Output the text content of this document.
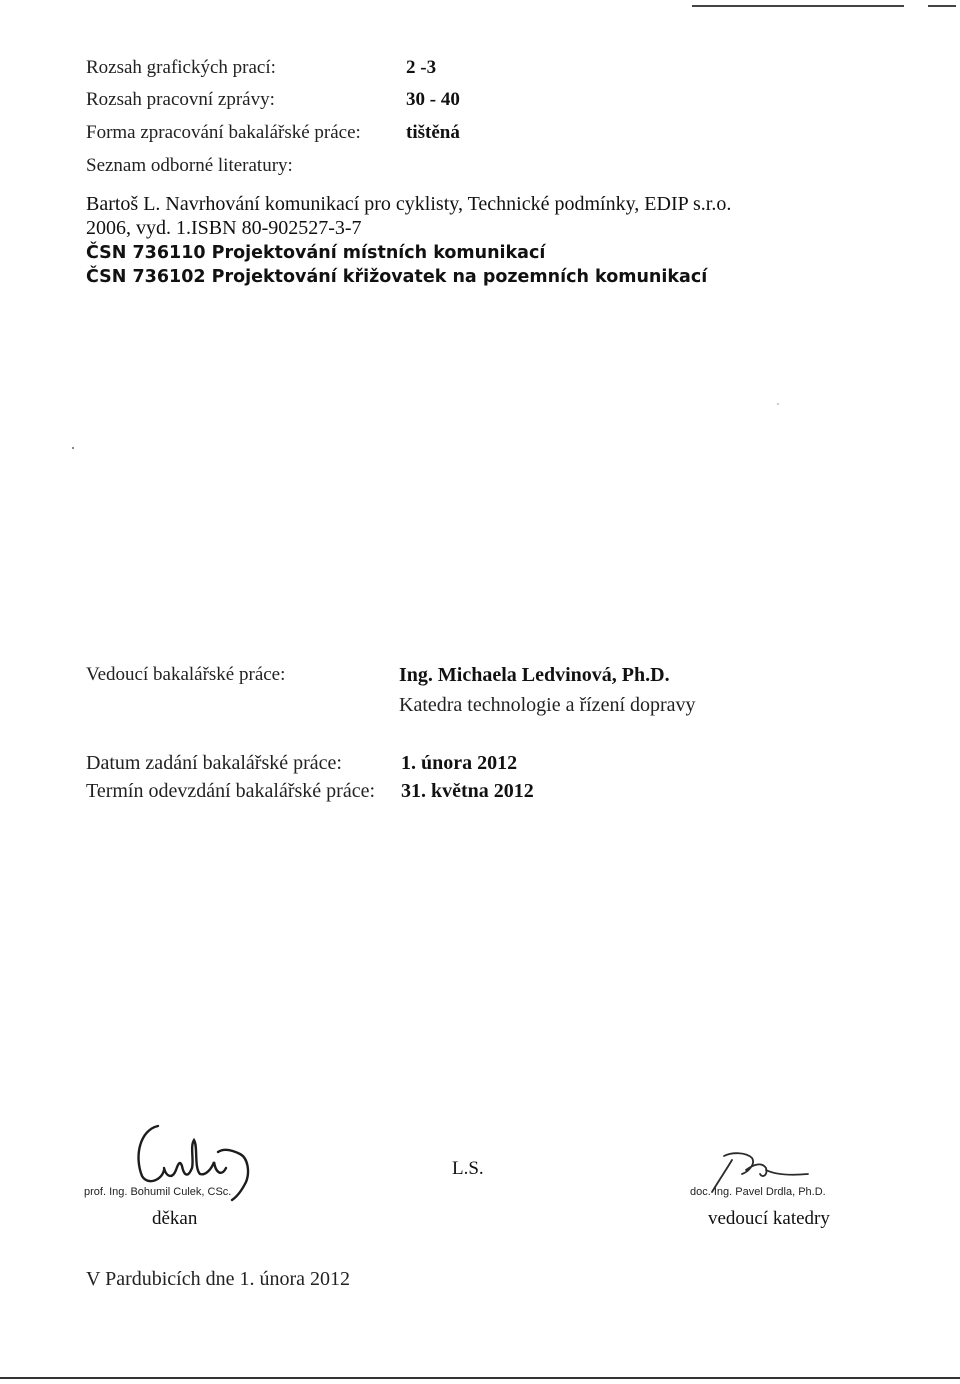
Rozsah grafických prací:	2 -3
Rozsah pracovní zprávy:	30 - 40
Forma zpracování bakalářské práce: tištěná
Seznam odborné literatury:
Bartoš L. Navrhování komunikací pro cyklisty, Technické podmínky, EDIP s.r.o.
2006, vyd. 1.ISBN 80-902527-3-7
ČSN 736110 Projektování místních komunikací
ČSN 736102 Projektování křižovatek na pozemních komunikací
Vedoucí bakalářské práce:	Ing. Michaela Ledvinová, Ph.D.
Katedra technologie a řízení dopravy
Datum zadání bakalářské práce:	1. února 2012
Termín odevzdání bakalářské práce: 31. května 2012
prof. Ing. Bohumil Culek, CSc.
děkan
L.S.
doc. Ing. Pavel Drdla, Ph.D.
vedoucí katedry
V Pardubicích dne 1. února 2012
